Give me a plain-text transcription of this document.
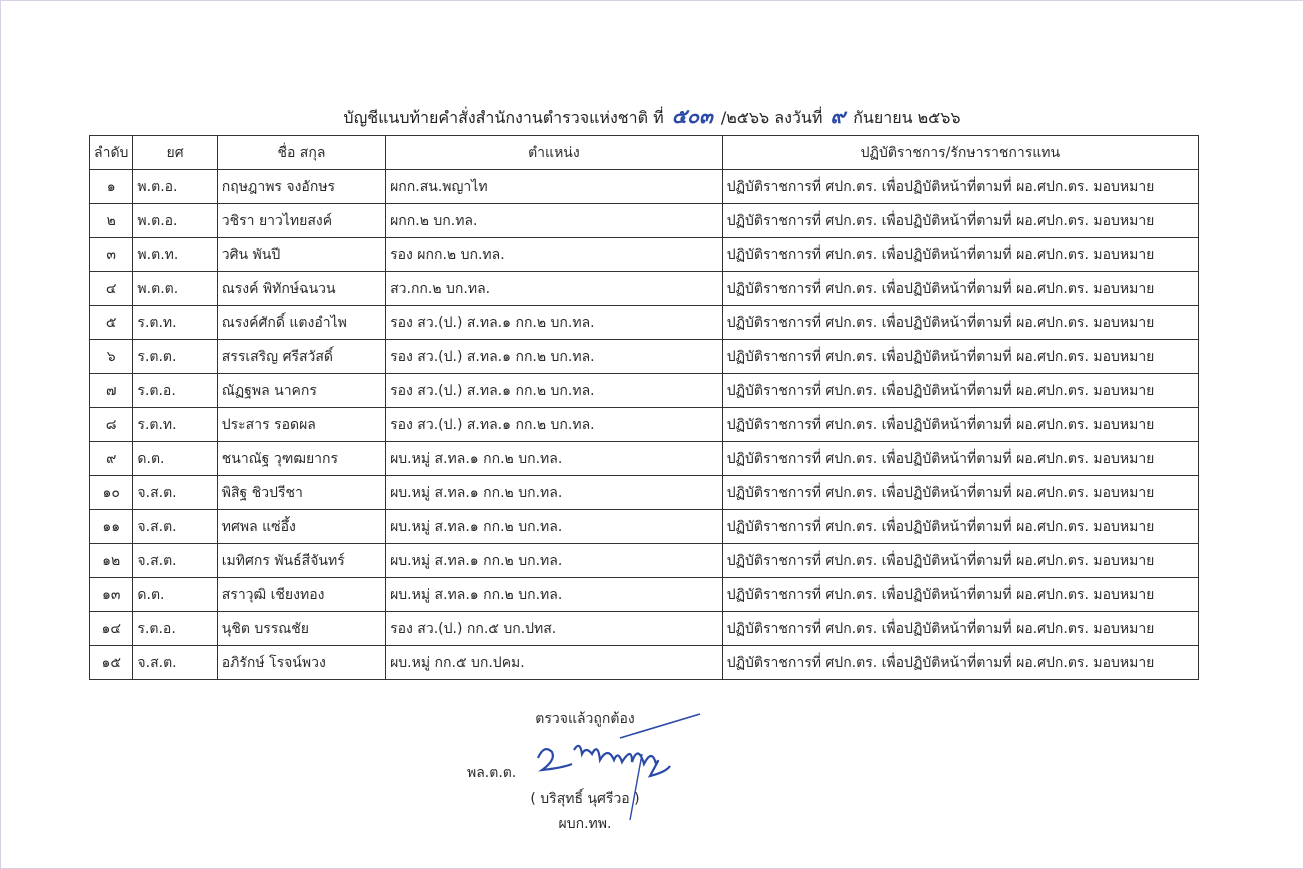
บัญชีแนบท้ายคำสั่งสำนักงานตำรวจแห่งชาติ ที่ ๕๐๓ /๒๕๖๖ ลงวันที่ ๙ กันยายน ๒๕๖๖
ลำดับ	ยศ	ชื่อ สกุล	ตำแหน่ง	ปฏิบัติราชการ/รักษาราชการแทน
๑	พ.ต.อ.	กฤษฎาพร จงอักษร	ผกก.สน.พญาไท	ปฏิบัติราชการที่ ศปก.ตร. เพื่อปฏิบัติหน้าที่ตามที่ ผอ.ศปก.ตร. มอบหมาย
๒	พ.ต.อ.	วชิรา ยาวไทยสงค์	ผกก.๒ บก.ทล.	ปฏิบัติราชการที่ ศปก.ตร. เพื่อปฏิบัติหน้าที่ตามที่ ผอ.ศปก.ตร. มอบหมาย
๓	พ.ต.ท.	วศิน พันปี	รอง ผกก.๒ บก.ทล.	ปฏิบัติราชการที่ ศปก.ตร. เพื่อปฏิบัติหน้าที่ตามที่ ผอ.ศปก.ตร. มอบหมาย
๔	พ.ต.ต.	ณรงค์ พิทักษ์ฉนวน	สว.กก.๒ บก.ทล.	ปฏิบัติราชการที่ ศปก.ตร. เพื่อปฏิบัติหน้าที่ตามที่ ผอ.ศปก.ตร. มอบหมาย
๕	ร.ต.ท.	ณรงค์ศักดิ์ แตงอำไพ	รอง สว.(ป.) ส.ทล.๑ กก.๒ บก.ทล.	ปฏิบัติราชการที่ ศปก.ตร. เพื่อปฏิบัติหน้าที่ตามที่ ผอ.ศปก.ตร. มอบหมาย
๖	ร.ต.ต.	สรรเสริญ ศรีสวัสดิ์	รอง สว.(ป.) ส.ทล.๑ กก.๒ บก.ทล.	ปฏิบัติราชการที่ ศปก.ตร. เพื่อปฏิบัติหน้าที่ตามที่ ผอ.ศปก.ตร. มอบหมาย
๗	ร.ต.อ.	ณัฏฐพล นาคกร	รอง สว.(ป.) ส.ทล.๑ กก.๒ บก.ทล.	ปฏิบัติราชการที่ ศปก.ตร. เพื่อปฏิบัติหน้าที่ตามที่ ผอ.ศปก.ตร. มอบหมาย
๘	ร.ต.ท.	ประสาร รอดผล	รอง สว.(ป.) ส.ทล.๑ กก.๒ บก.ทล.	ปฏิบัติราชการที่ ศปก.ตร. เพื่อปฏิบัติหน้าที่ตามที่ ผอ.ศปก.ตร. มอบหมาย
๙	ด.ต.	ชนาณัฐ วุฑฒยากร	ผบ.หมู่ ส.ทล.๑ กก.๒ บก.ทล.	ปฏิบัติราชการที่ ศปก.ตร. เพื่อปฏิบัติหน้าที่ตามที่ ผอ.ศปก.ตร. มอบหมาย
๑๐	จ.ส.ต.	พิสิฐ ชิวปรีชา	ผบ.หมู่ ส.ทล.๑ กก.๒ บก.ทล.	ปฏิบัติราชการที่ ศปก.ตร. เพื่อปฏิบัติหน้าที่ตามที่ ผอ.ศปก.ตร. มอบหมาย
๑๑	จ.ส.ต.	ทศพล แซ่อึ้ง	ผบ.หมู่ ส.ทล.๑ กก.๒ บก.ทล.	ปฏิบัติราชการที่ ศปก.ตร. เพื่อปฏิบัติหน้าที่ตามที่ ผอ.ศปก.ตร. มอบหมาย
๑๒	จ.ส.ต.	เมทิศกร พันธ์สีจันทร์	ผบ.หมู่ ส.ทล.๑ กก.๒ บก.ทล.	ปฏิบัติราชการที่ ศปก.ตร. เพื่อปฏิบัติหน้าที่ตามที่ ผอ.ศปก.ตร. มอบหมาย
๑๓	ด.ต.	สราวุฒิ เชียงทอง	ผบ.หมู่ ส.ทล.๑ กก.๒ บก.ทล.	ปฏิบัติราชการที่ ศปก.ตร. เพื่อปฏิบัติหน้าที่ตามที่ ผอ.ศปก.ตร. มอบหมาย
๑๔	ร.ต.อ.	นุชิต บรรณชัย	รอง สว.(ป.) กก.๕ บก.ปทส.	ปฏิบัติราชการที่ ศปก.ตร. เพื่อปฏิบัติหน้าที่ตามที่ ผอ.ศปก.ตร. มอบหมาย
๑๕	จ.ส.ต.	อภิรักษ์ โรจน์พวง	ผบ.หมู่ กก.๕ บก.ปคม.	ปฏิบัติราชการที่ ศปก.ตร. เพื่อปฏิบัติหน้าที่ตามที่ ผอ.ศปก.ตร. มอบหมาย
ตรวจแล้วถูกต้อง
พล.ต.ต.
( บริสุทธิ์ นุศรีวอ )
ผบก.ทพ.
